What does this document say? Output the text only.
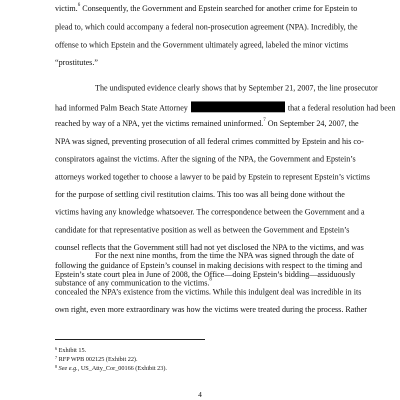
victim.$^6$ Consequently, the Government and Epstein searched for another crime for Epstein to
plead to, which could accompany a federal non-prosecution agreement (NPA). Incredibly, the
offense to which Epstein and the Government ultimately agreed, labeled the minor victims
“prostitutes.”
The undisputed evidence clearly shows that by September 21, 2007, the line prosecutor
had informed Palm Beach State Attorney	that a federal resolution had been
reached by way of a NPA, yet the victims remained uninformed.$^7$ On September 24, 2007, the
NPA was signed, preventing prosecution of all federal crimes committed by Epstein and his co-
conspirators against the victims. After the signing of the NPA, the Government and Epstein’s
attorneys worked together to choose a lawyer to be paid by Epstein to represent Epstein’s victims
for the purpose of settling civil restitution claims. This too was all being done without the
victims having any knowledge whatsoever. The correspondence between the Government and a
candidate for that representative position as well as between the Government and Epstein’s
counsel reflects that the Government still had not yet disclosed the NPA to the victims, and was
following the guidance of Epstein’s counsel in making decisions with respect to the timing and
substance of any communication to the victims.$^8$
For the next nine months, from the time the NPA was signed through the date of
Epstein’s state court plea in June of 2008, the Office—doing Epstein’s bidding—assiduously
concealed the NPA’s existence from the victims. While this indulgent deal was incredible in its
own right, even more extraordinary was how the victims were treated during the process. Rather
$^6$ Exhibit 15.
$^7$ RFP WPB 002125 (Exhibit 22).
$^8$ See e.g., US_Atty_Cor_00166 (Exhibit 23).
4
